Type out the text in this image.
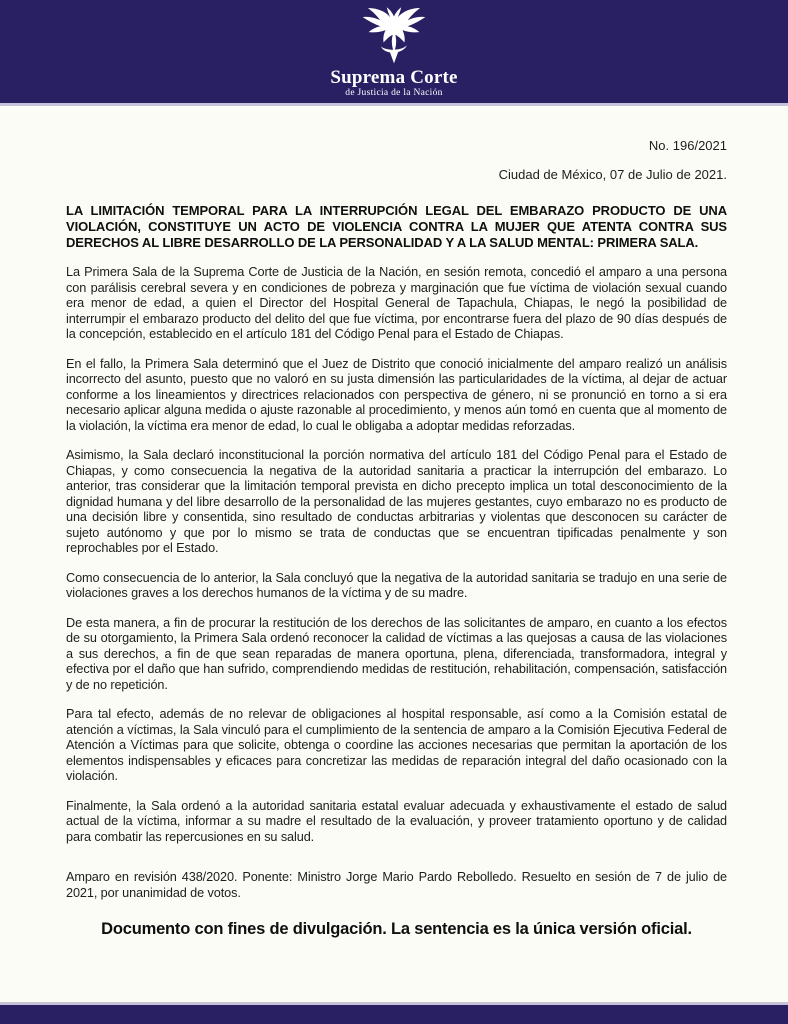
Suprema Corte
de Justicia de la Nación
No. 196/2021
Ciudad de México, 07 de Julio de 2021.
LA LIMITACIÓN TEMPORAL PARA LA INTERRUPCIÓN LEGAL DEL EMBARAZO PRODUCTO DE UNA VIOLACIÓN, CONSTITUYE UN ACTO DE VIOLENCIA CONTRA LA MUJER QUE ATENTA CONTRA SUS DERECHOS AL LIBRE DESARROLLO DE LA PERSONALIDAD Y A LA SALUD MENTAL: PRIMERA SALA.

La Primera Sala de la Suprema Corte de Justicia de la Nación, en sesión remota, concedió el amparo a una persona con parálisis cerebral severa y en condiciones de pobreza y marginación que fue víctima de violación sexual cuando era menor de edad, a quien el Director del Hospital General de Tapachula, Chiapas, le negó la posibilidad de interrumpir el embarazo producto del delito del que fue víctima, por encontrarse fuera del plazo de 90 días después de la concepción, establecido en el artículo 181 del Código Penal para el Estado de Chiapas.

En el fallo, la Primera Sala determinó que el Juez de Distrito que conoció inicialmente del amparo realizó un análisis incorrecto del asunto, puesto que no valoró en su justa dimensión las particularidades de la víctima, al dejar de actuar conforme a los lineamientos y directrices relacionados con perspectiva de género, ni se pronunció en torno a si era necesario aplicar alguna medida o ajuste razonable al procedimiento, y menos aún tomó en cuenta que al momento de la violación, la víctima era menor de edad, lo cual le obligaba a adoptar medidas reforzadas.

Asimismo, la Sala declaró inconstitucional la porción normativa del artículo 181 del Código Penal para el Estado de Chiapas, y como consecuencia la negativa de la autoridad sanitaria a practicar la interrupción del embarazo. Lo anterior, tras considerar que la limitación temporal prevista en dicho precepto implica un total desconocimiento de la dignidad humana y del libre desarrollo de la personalidad de las mujeres gestantes, cuyo embarazo no es producto de una decisión libre y consentida, sino resultado de conductas arbitrarias y violentas que desconocen su carácter de sujeto autónomo y que por lo mismo se trata de conductas que se encuentran tipificadas penalmente y son reprochables por el Estado.

Como consecuencia de lo anterior, la Sala concluyó que la negativa de la autoridad sanitaria se tradujo en una serie de violaciones graves a los derechos humanos de la víctima y de su madre.

De esta manera, a fin de procurar la restitución de los derechos de las solicitantes de amparo, en cuanto a los efectos de su otorgamiento, la Primera Sala ordenó reconocer la calidad de víctimas a las quejosas a causa de las violaciones a sus derechos, a fin de que sean reparadas de manera oportuna, plena, diferenciada, transformadora, integral y efectiva por el daño que han sufrido, comprendiendo medidas de restitución, rehabilitación, compensación, satisfacción y de no repetición.

Para tal efecto, además de no relevar de obligaciones al hospital responsable, así como a la Comisión estatal de atención a víctimas, la Sala vinculó para el cumplimiento de la sentencia de amparo a la Comisión Ejecutiva Federal de Atención a Víctimas para que solicite, obtenga o coordine las acciones necesarias que permitan la aportación de los elementos indispensables y eficaces para concretizar las medidas de reparación integral del daño ocasionado con la violación.

Finalmente, la Sala ordenó a la autoridad sanitaria estatal evaluar adecuada y exhaustivamente el estado de salud actual de la víctima, informar a su madre el resultado de la evaluación, y proveer tratamiento oportuno y de calidad para combatir las repercusiones en su salud.

Amparo en revisión 438/2020. Ponente: Ministro Jorge Mario Pardo Rebolledo. Resuelto en sesión de 7 de julio de 2021, por unanimidad de votos.

Documento con fines de divulgación. La sentencia es la única versión oficial.
